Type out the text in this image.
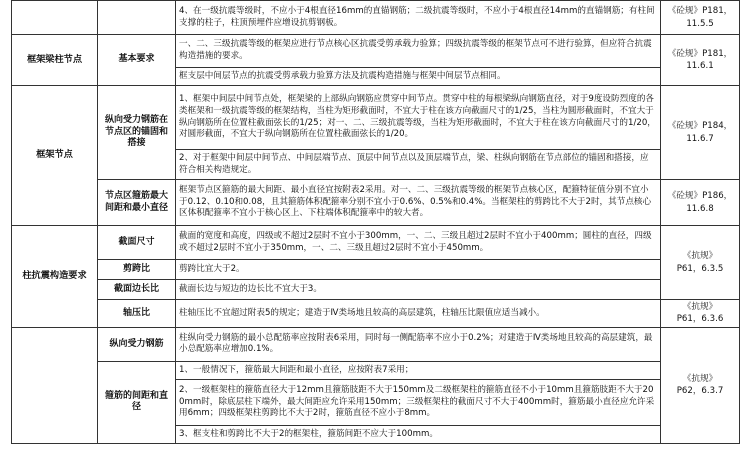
		4、在一级抗震等级时，不应小于4根直径16mm的直锚钢筋；二级抗震等级时，不应小于4根直径14mm的直锚钢筋；有柱间支撑的柱子，柱顶预埋件应增设抗剪钢板。	《砼规》P181，
11.5.5

框架梁柱节点	基本要求	一、二、三级抗震等级的框架应进行节点核心区抗震受剪承载力验算；四级抗震等级的框架节点可不进行验算，但应符合抗震构造措施的要求。	《砼规》P181，
11.6.1

		框支层中间层节点的抗震受剪承载力验算方法及抗震构造措施与框架中间层节点相同。	
框架节点	纵向受力钢筋在节点区的锚固和搭接	1、框架中间层中间节点处，框架梁的上部纵向钢筋应贯穿中间节点。贯穿中柱的每根梁纵向钢筋直径，对于9度设防烈度的各类框架和一级抗震等级的框架结构，当柱为矩形截面时，不宜大于柱在该方向截面尺寸的1/25，当柱为圆形截面时，不宜大于纵向钢筋所在位置柱截面弦长的1/25；对一、二、三级抗震等级，当柱为矩形截面时，不宜大于柱在该方向截面尺寸的1/20，对圆形截面，不宜大于纵向钢筋所在位置柱截面弦长的1/20。	《砼规》P184，
11.6.7

		2、对于框架中间层中间节点、中间层端节点、顶层中间节点以及顶层端节点，梁、柱纵向钢筋在节点部位的锚固和搭接，应符合相关构造规定。	
	节点区箍筋最大间距和最小直径	框架节点区箍筋的最大间距、最小直径宜按附表2采用。对一、二、三级抗震等级的框架节点核心区，配箍特征值分别不宜小于0.12、0.10和0.08，且其箍筋体积配箍率分别不宜小于0.6%、0.5%和0.4%。当框架柱的剪跨比不大于2时，其节点核心区体积配箍率不宜小于核心区上、下柱端体积配箍率中的较大者。	《砼规》P186，
11.6.8

柱抗震构造要求	截面尺寸	截面的宽度和高度，四级或不超过2层时不宜小于300mm，一、二、三级且超过2层时不宜小于400mm；圆柱的直径，四级或不超过2层时不宜小于350mm，一、二、三级且超过2层时不宜小于450mm。	《抗规》
P61，6.3.5

	剪跨比	剪跨比宜大于2。	
	截面边长比	截面长边与短边的边长比不宜大于3。	
	轴压比	柱轴压比不宜超过附表5的规定；建造于Ⅳ类场地且较高的高层建筑，柱轴压比限值应适当减小。	《抗规》
P61，6.3.6

	纵向受力钢筋	柱纵向受力钢筋的最小总配筋率应按附表6采用，同时每一侧配筋率不应小于0.2%；对建造于Ⅳ类场地且较高的高层建筑，最小总配筋率应增加0.1%。	《抗规》
P62，6.3.7

	箍筋的间距和直径	1、一般情况下，箍筋最大间距和最小直径，应按附表7采用；	
		2、一级框架柱的箍筋直径大于12mm且箍筋肢距不大于150mm及二级框架柱的箍筋直径不小于10mm且箍筋肢距不大于200mm时，除底层柱下端外，最大间距应允许采用150mm；三级框架柱的截面尺寸不大于400mm时，箍筋最小直径应允许采用6mm；四级框架柱剪跨比不大于2时，箍筋直径不应小于8mm。	
		3、框支柱和剪跨比不大于2的框架柱，箍筋间距不应大于100mm。	
